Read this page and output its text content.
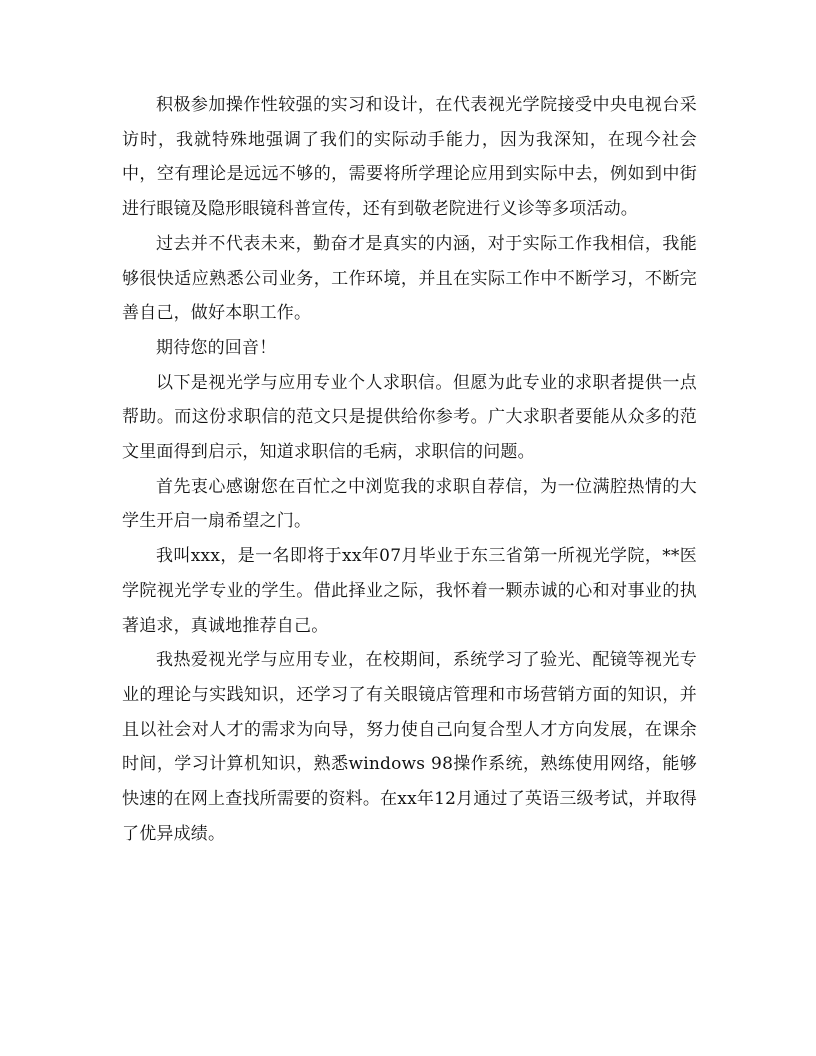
积极参加操作性较强的实习和设计，在代表视光学院接受中央电视台采访时，我就特殊地强调了我们的实际动手能力，因为我深知，在现今社会中，空有理论是远远不够的，需要将所学理论应用到实际中去，例如到中街进行眼镜及隐形眼镜科普宣传，还有到敬老院进行义诊等多项活动。

过去并不代表未来，勤奋才是真实的内涵，对于实际工作我相信，我能够很快适应熟悉公司业务，工作环境，并且在实际工作中不断学习，不断完善自己，做好本职工作。

期待您的回音！

以下是视光学与应用专业个人求职信。但愿为此专业的求职者提供一点帮助。而这份求职信的范文只是提供给你参考。广大求职者要能从众多的范文里面得到启示，知道求职信的毛病，求职信的问题。

首先衷心感谢您在百忙之中浏览我的求职自荐信，为一位满腔热情的大学生开启一扇希望之门。

我叫xxx，是一名即将于xx年07月毕业于东三省第一所视光学院，**医学院视光学专业的学生。借此择业之际，我怀着一颗赤诚的心和对事业的执著追求，真诚地推荐自己。

我热爱视光学与应用专业，在校期间，系统学习了验光、配镜等视光专业的理论与实践知识，还学习了有关眼镜店管理和市场营销方面的知识，并且以社会对人才的需求为向导，努力使自己向复合型人才方向发展，在课余时间，学习计算机知识，熟悉windows 98操作系统，熟练使用网络，能够快速的在网上查找所需要的资料。在xx年12月通过了英语三级考试，并取得了优异成绩。
